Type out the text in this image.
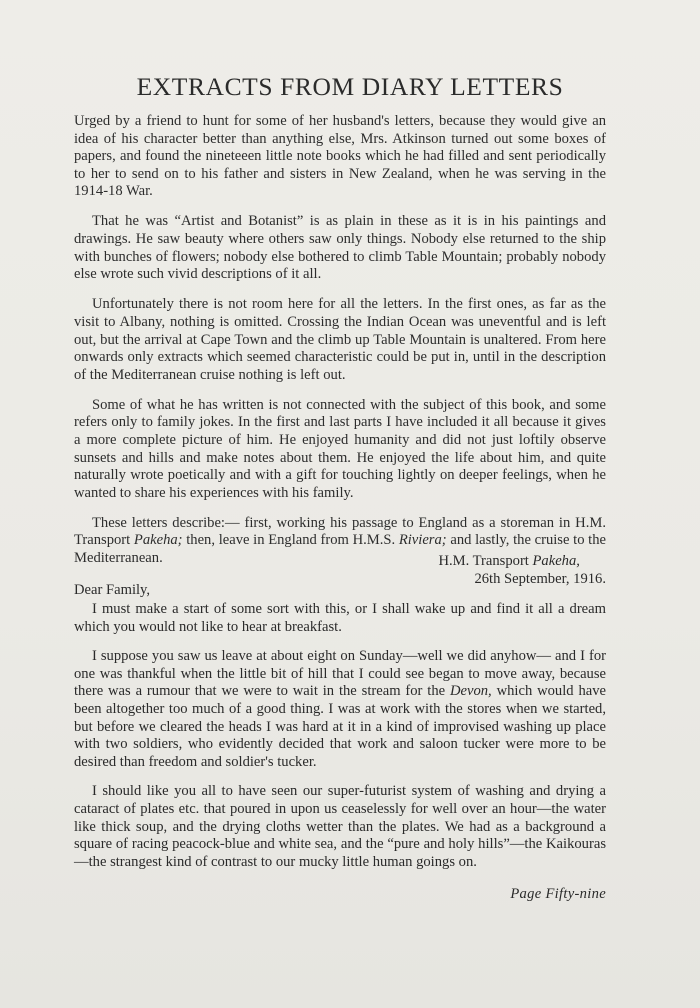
EXTRACTS FROM DIARY LETTERS
Urged by a friend to hunt for some of her husband's letters, because they would give an idea of his character better than anything else, Mrs. Atkinson turned out some boxes of papers, and found the nineteeen little note books which he had filled and sent periodically to her to send on to his father and sisters in New Zealand, when he was serving in the 1914-18 War.
That he was “Artist and Botanist” is as plain in these as it is in his paintings and drawings. He saw beauty where others saw only things. Nobody else returned to the ship with bunches of flowers; nobody else bothered to climb Table Mountain; probably nobody else wrote such vivid descriptions of it all.
Unfortunately there is not room here for all the letters. In the first ones, as far as the visit to Albany, nothing is omitted. Crossing the Indian Ocean was uneventful and is left out, but the arrival at Cape Town and the climb up Table Mountain is unaltered. From here onwards only extracts which seemed characteristic could be put in, until in the description of the Mediterranean cruise nothing is left out.
Some of what he has written is not connected with the subject of this book, and some refers only to family jokes. In the first and last parts I have included it all because it gives a more complete picture of him. He enjoyed humanity and did not just loftily observe sunsets and hills and make notes about them. He enjoyed the life about him, and quite naturally wrote poetically and with a gift for touching lightly on deeper feelings, when he wanted to share his experiences with his family.
These letters describe:— first, working his passage to England as a storeman in H.M. Transport Pakeha; then, leave in England from H.M.S. Riviera; and lastly, the cruise to the Mediterranean.	H.M. Transport Pakeha,
26th September, 1916.
Dear Family,
I must make a start of some sort with this, or I shall wake up and find it all a dream which you would not like to hear at breakfast.
I suppose you saw us leave at about eight on Sunday—well we did anyhow— and I for one was thankful when the little bit of hill that I could see began to move away, because there was a rumour that we were to wait in the stream for the Devon, which would have been altogether too much of a good thing. I was at work with the stores when we started, but before we cleared the heads I was hard at it in a kind of improvised washing up place with two soldiers, who evidently decided that work and saloon tucker were more to be desired than freedom and soldier's tucker.
I should like you all to have seen our super-futurist system of washing and drying a cataract of plates etc. that poured in upon us ceaselessly for well over an hour—the water like thick soup, and the drying cloths wetter than the plates. We had as a background a square of racing peacock-blue and white sea, and the “pure and holy hills”—the Kaikouras—the strangest kind of contrast to our mucky little human goings on.
Page Fifty-nine
